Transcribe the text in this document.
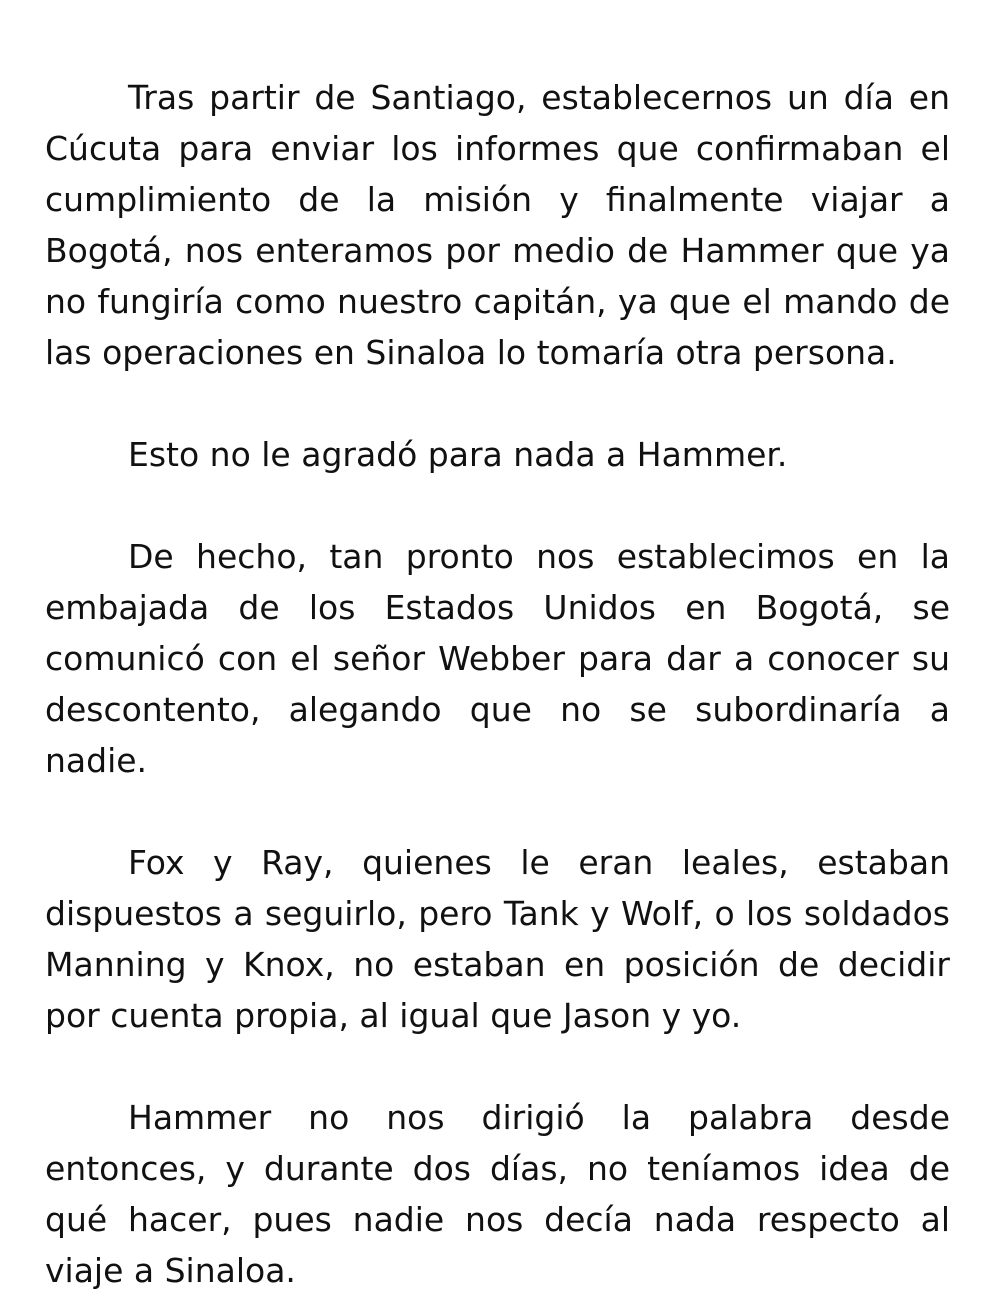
Tras partir de Santiago, establecernos un día en Cúcuta para enviar los informes que confirmaban el cumplimiento de la misión y finalmente viajar a Bogotá, nos enteramos por medio de Hammer que ya no fungiría como nuestro capitán, ya que el mando de las operaciones en Sinaloa lo tomaría otra persona.

Esto no le agradó para nada a Hammer.

De hecho, tan pronto nos establecimos en la embajada de los Estados Unidos en Bogotá, se comunicó con el señor Webber para dar a conocer su descontento, alegando que no se subordinaría a nadie.

Fox y Ray, quienes le eran leales, estaban dispuestos a seguirlo, pero Tank y Wolf, o los soldados Manning y Knox, no estaban en posición de decidir por cuenta propia, al igual que Jason y yo.

Hammer no nos dirigió la palabra desde entonces, y durante dos días, no teníamos idea de qué hacer, pues nadie nos decía nada respecto al viaje a Sinaloa.
